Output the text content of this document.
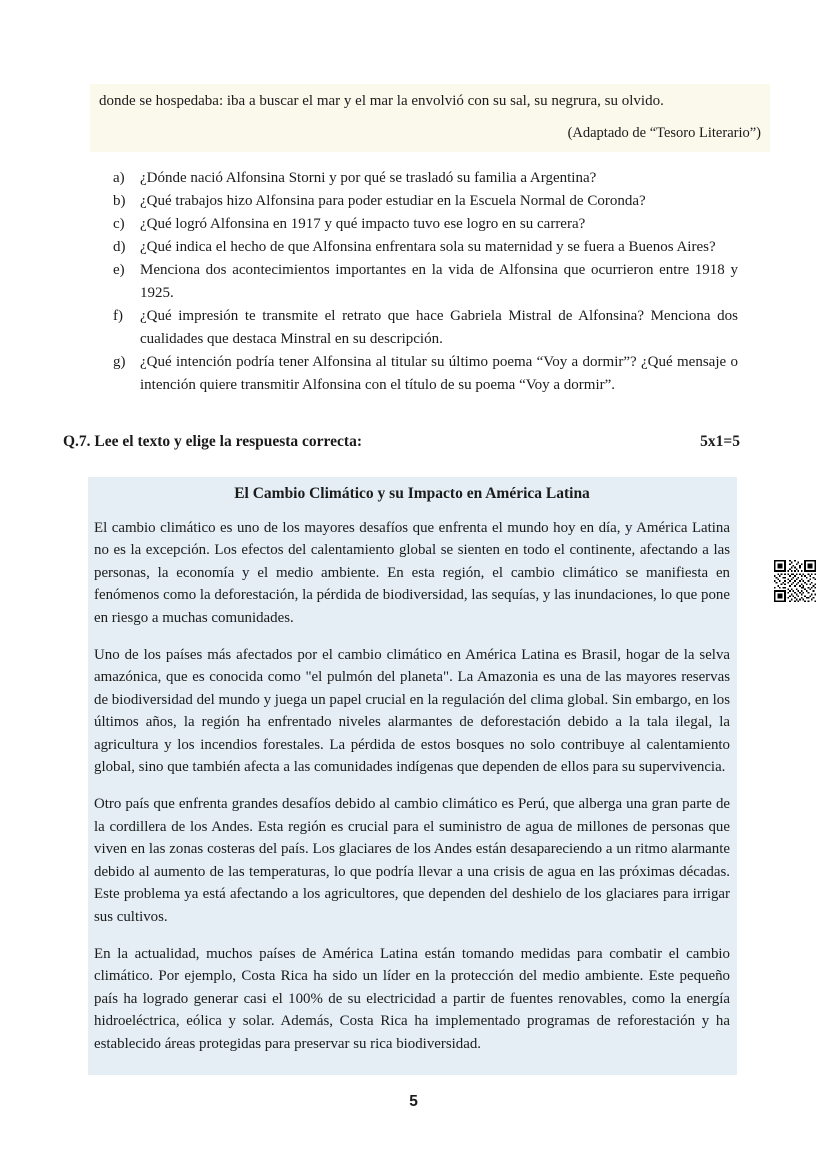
donde se hospedaba: iba a buscar el mar y el mar la envolvió con su sal, su negrura, su olvido.
(Adaptado de “Tesoro Literario”)
a)	¿Dónde nació Alfonsina Storni y por qué se trasladó su familia a Argentina?
b) ¿Qué trabajos hizo Alfonsina para poder estudiar en la Escuela Normal de Coronda?
c)	¿Qué logró Alfonsina en 1917 y qué impacto tuvo ese logro en su carrera?
d) ¿Qué indica el hecho de que Alfonsina enfrentara sola su maternidad y se fuera a Buenos Aires?
e)	Menciona dos acontecimientos importantes en la vida de Alfonsina que ocurrieron entre 1918 y 1925.
f)	¿Qué impresión te transmite el retrato que hace Gabriela Mistral de Alfonsina? Menciona dos cualidades que destaca Minstral en su descripción.
g) ¿Qué intención podría tener Alfonsina al titular su último poema “Voy a dormir”? ¿Qué mensaje o intención quiere transmitir Alfonsina con el título de su poema “Voy a dormir”.
Q.7. Lee el texto y elige la respuesta correcta:	5x1=5
El Cambio Climático y su Impacto en América Latina
El cambio climático es uno de los mayores desafíos que enfrenta el mundo hoy en día, y América Latina no es la excepción. Los efectos del calentamiento global se sienten en todo el continente, afectando a las personas, la economía y el medio ambiente. En esta región, el cambio climático se manifiesta en fenómenos como la deforestación, la pérdida de biodiversidad, las sequías, y las inundaciones, lo que pone en riesgo a muchas comunidades.
Uno de los países más afectados por el cambio climático en América Latina es Brasil, hogar de la selva amazónica, que es conocida como "el pulmón del planeta". La Amazonia es una de las mayores reservas de biodiversidad del mundo y juega un papel crucial en la regulación del clima global. Sin embargo, en los últimos años, la región ha enfrentado niveles alarmantes de deforestación debido a la tala ilegal, la agricultura y los incendios forestales. La pérdida de estos bosques no solo contribuye al calentamiento global, sino que también afecta a las comunidades indígenas que dependen de ellos para su supervivencia.
Otro país que enfrenta grandes desafíos debido al cambio climático es Perú, que alberga una gran parte de la cordillera de los Andes. Esta región es crucial para el suministro de agua de millones de personas que viven en las zonas costeras del país. Los glaciares de los Andes están desapareciendo a un ritmo alarmante debido al aumento de las temperaturas, lo que podría llevar a una crisis de agua en las próximas décadas. Este problema ya está afectando a los agricultores, que dependen del deshielo de los glaciares para irrigar sus cultivos.
En la actualidad, muchos países de América Latina están tomando medidas para combatir el cambio climático. Por ejemplo, Costa Rica ha sido un líder en la protección del medio ambiente. Este pequeño país ha logrado generar casi el 100% de su electricidad a partir de fuentes renovables, como la energía hidroeléctrica, eólica y solar. Además, Costa Rica ha implementado programas de reforestación y ha establecido áreas protegidas para preservar su rica biodiversidad.
5
